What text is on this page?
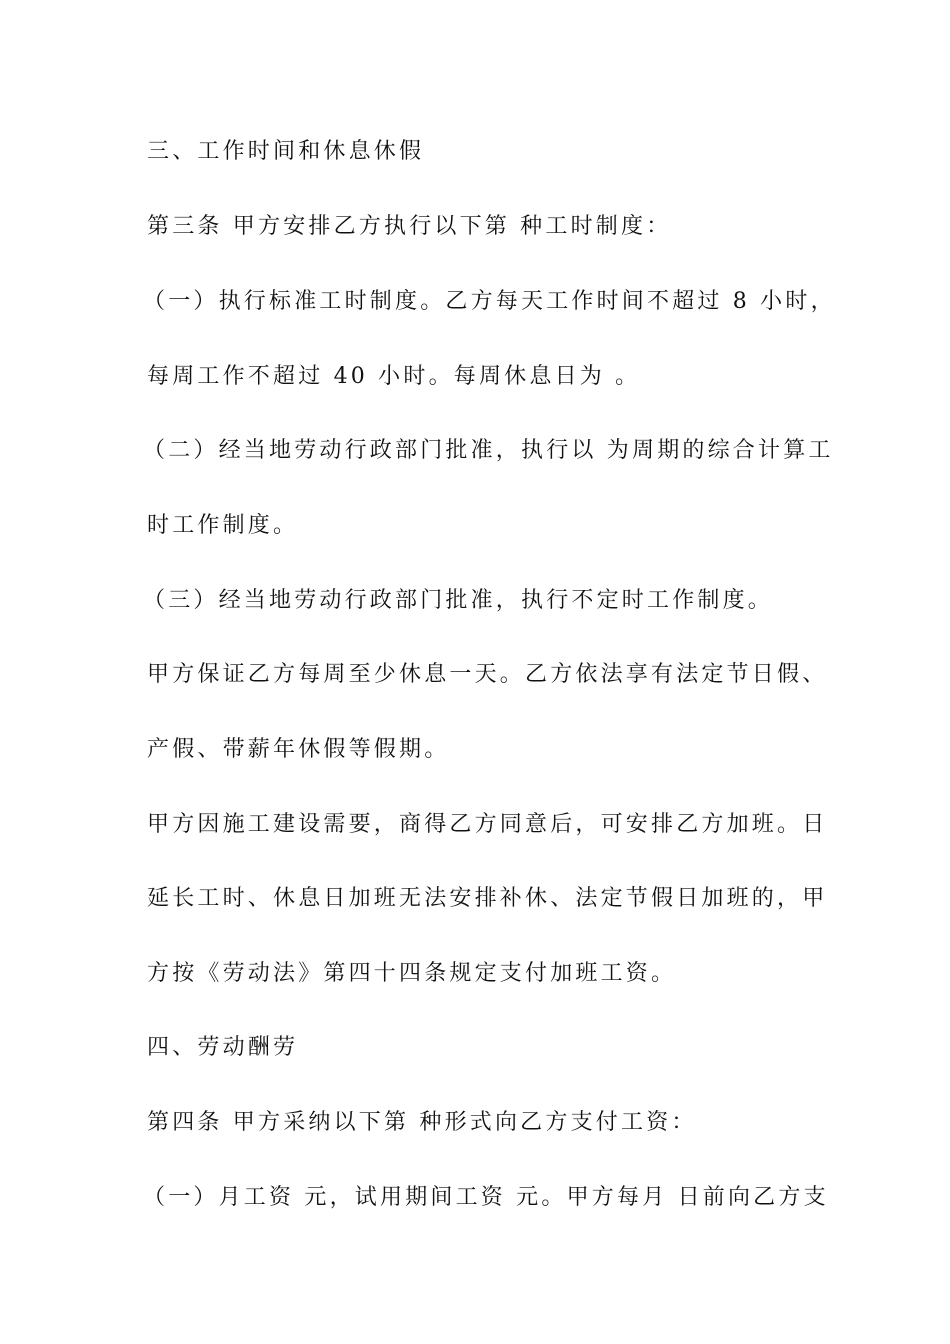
三、工作时间和休息休假
第三条 甲方安排乙方执行以下第 种工时制度：
（一）执行标准工时制度。乙方每天工作时间不超过 8 小时，
每周工作不超过 40 小时。每周休息日为 。
（二）经当地劳动行政部门批准，执行以 为周期的综合计算工
时工作制度。
（三）经当地劳动行政部门批准，执行不定时工作制度。
甲方保证乙方每周至少休息一天。乙方依法享有法定节日假、
产假、带薪年休假等假期。
甲方因施工建设需要，商得乙方同意后，可安排乙方加班。日
延长工时、休息日加班无法安排补休、法定节假日加班的，甲
方按《劳动法》第四十四条规定支付加班工资。
四、劳动酬劳
第四条 甲方采纳以下第 种形式向乙方支付工资：
（一）月工资 元，试用期间工资 元。甲方每月 日前向乙方支
